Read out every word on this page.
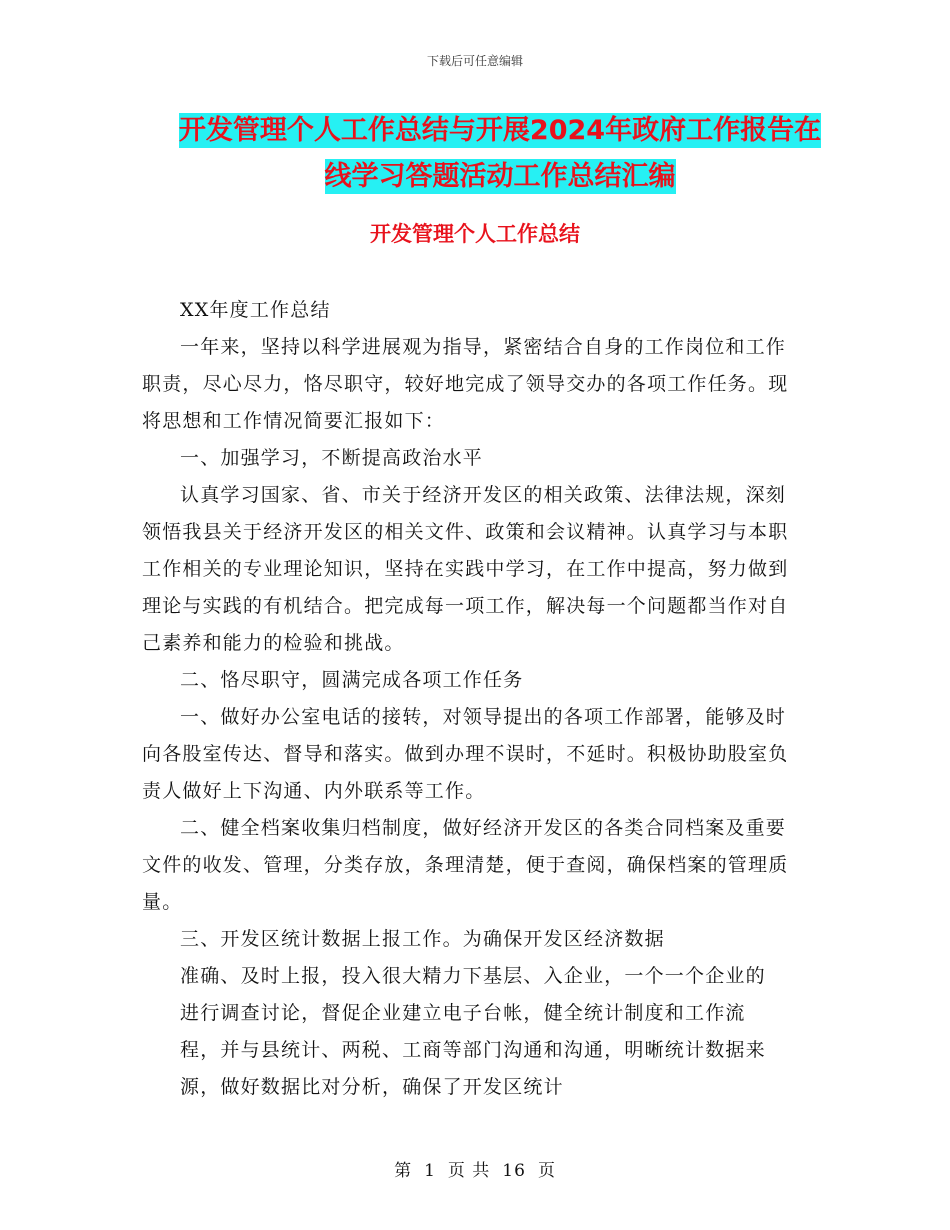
下载后可任意编辑
开发管理个人工作总结与开展2024年政府工作报告在
线学习答题活动工作总结汇编
开发管理个人工作总结

XX年度工作总结

一年来，坚持以科学进展观为指导，紧密结合自身的工作岗位和工作职责，尽心尽力，恪尽职守，较好地完成了领导交办的各项工作任务。现将思想和工作情况简要汇报如下：

一、加强学习，不断提高政治水平

认真学习国家、省、市关于经济开发区的相关政策、法律法规，深刻领悟我县关于经济开发区的相关文件、政策和会议精神。认真学习与本职工作相关的专业理论知识，坚持在实践中学习，在工作中提高，努力做到理论与实践的有机结合。把完成每一项工作，解决每一个问题都当作对自己素养和能力的检验和挑战。

二、恪尽职守，圆满完成各项工作任务

一、做好办公室电话的接转，对领导提出的各项工作部署，能够及时向各股室传达、督导和落实。做到办理不误时，不延时。积极协助股室负责人做好上下沟通、内外联系等工作。

二、健全档案收集归档制度，做好经济开发区的各类合同档案及重要文件的收发、管理，分类存放，条理清楚，便于查阅，确保档案的管理质量。

三、开发区统计数据上报工作。为确保开发区经济数据

准确、及时上报，投入很大精力下基层、入企业，一个一个企业的进行调查讨论，督促企业建立电子台帐，健全统计制度和工作流程，并与县统计、两税、工商等部门沟通和沟通，明晰统计数据来源，做好数据比对分析，确保了开发区统计

第 1 页 共 16 页
